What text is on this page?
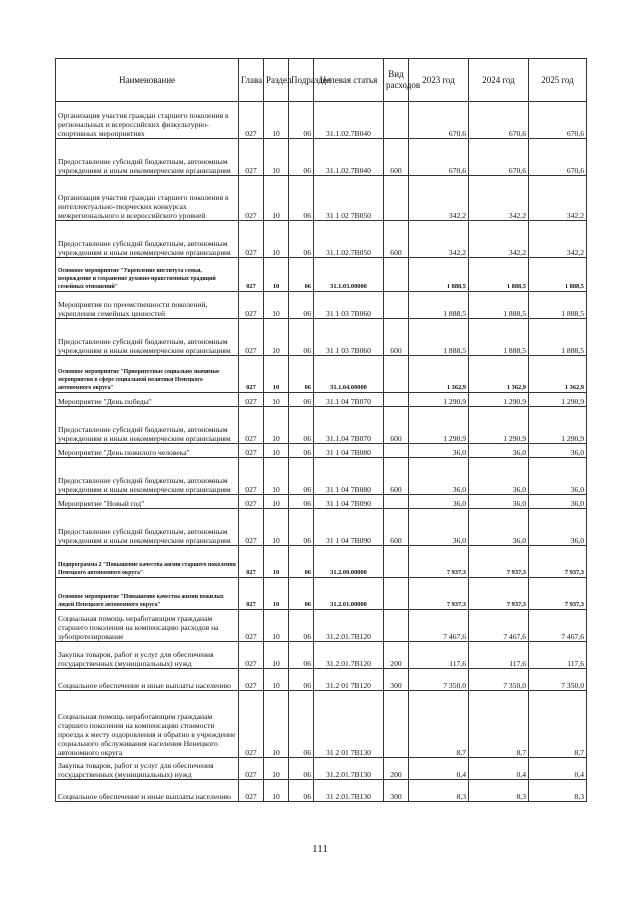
Наименование	Глава	Раздел	Подраздел	Целевая статья	Вид расходов	2023 год	2024 год	2025 год
Организация участия граждан старшего поколения в региональных и всероссийских физкультурно-спортивных мероприятиях	027	10	06	31.1.02.7В040		670,6	670,6	670,6
Предоставление субсидий бюджетным, автономным учреждениям и иным некоммерческим организациям	027	10	06	31.1.02.7В040	600	670,6	670,6	670,6
Организация участия граждан старшего поколения в интеллектуально-творческих конкурсах межрегионального и всероссийского уровней	027	10	06	31 1 02 7В050		342,2	342,2	342,2
Предоставление субсидий бюджетным, автономным учреждениям и иным некоммерческим организациям	027	10	06	31.1.02.7В050	600	342,2	342,2	342,2
Основное мероприятие "Укрепление института семьи, возрождение и сохранение духовно-нравственных традиций семейных отношений"	027	10	06	31.1.03.00000		1 888,5	1 888,5	1 888,5
Мероприятия по преемственности поколений, укрепления семейных ценностей	027	10	06	31 1 03 7В060		1 888,5	1 888,5	1 888,5
Предоставление субсидий бюджетным, автономным учреждениям и иным некоммерческим организациям	027	10	06	31 1 03 7В060	600	1 888,5	1 888,5	1 888,5
Основное мероприятие "Приоритетные социально значимые мероприятия в сфере социальной политики Ненецкого автономного округа"	027	10	06	31.1.04.00000		1 362,9	1 362,9	1 362,9
Мероприятие "День победы"	027	10	06	31.1 04 7В070		1 290,9	1 290,9	1 290,9
Предоставление субсидий бюджетным, автономным учреждениям и иным некоммерческим организациям	027	10	06	31.1.04 7В070	600	1 290,9	1 290,9	1 290,9
Мероприятие "День пожилого человека"	027	10	06	31 1 04 7В080		36,0	36,0	36,0
Предоставление субсидий бюджетным, автономным учреждениям и иным некоммерческим организациям	027	10	06	31 1 04 7В080	600	36,0	36,0	36,0
Мероприятие "Новый год"	027	10	06	31 1 04 7В090		36,0	36,0	36,0
Предоставление субсидий бюджетным, автономным учреждениям и иным некоммерческим организациям	027	10	06	31 1 04 7В090	600	36,0	36,0	36,0
Подпрограмма 2 "Повышение качества жизни старшего поколения Ненецкого автономного округа"	027	10	06	31.2.00.00000		7 937,3	7 937,3	7 937,3
Основное мероприятие "Повышение качества жизни пожилых людей Ненецкого автономного округа"	027	10	06	31.2.01.00000		7 937,3	7 937,3	7 937,3
Социальная помощь неработающим гражданам старшего поколения на компенсацию расходов на зубопротезирование	027	10	06	31.2.01.7В120		7 467,6	7 467,6	7 467,6
Закупка товаров, работ и услуг для обеспечения государственных (муниципальных) нужд	027	10	06	31.2.01.7В120	200	117,6	117,6	117,6
Социальное обеспечение и иные выплаты населению	027	10	06	31.2 01 7В120	300	7 350,0	7 350,0	7 350,0
Социальная помощь неработающим гражданам старшего поколения на компенсацию стоимости проезда к месту оздоровления и обратно в учреждение социального обслуживания населения Ненецкого автономного округа	027	10	06	31 2 01 7В130		8,7	8,7	8,7
Закупка товаров, работ и услуг для обеспечения государственных (муниципальных) нужд	027	10	06	31.2.01.7В130	200	0,4	0,4	0,4
Социальное обеспечение и иные выплаты населению	027	10	06	31 2.01.7В130	300	8,3	8,3	8,3
111
